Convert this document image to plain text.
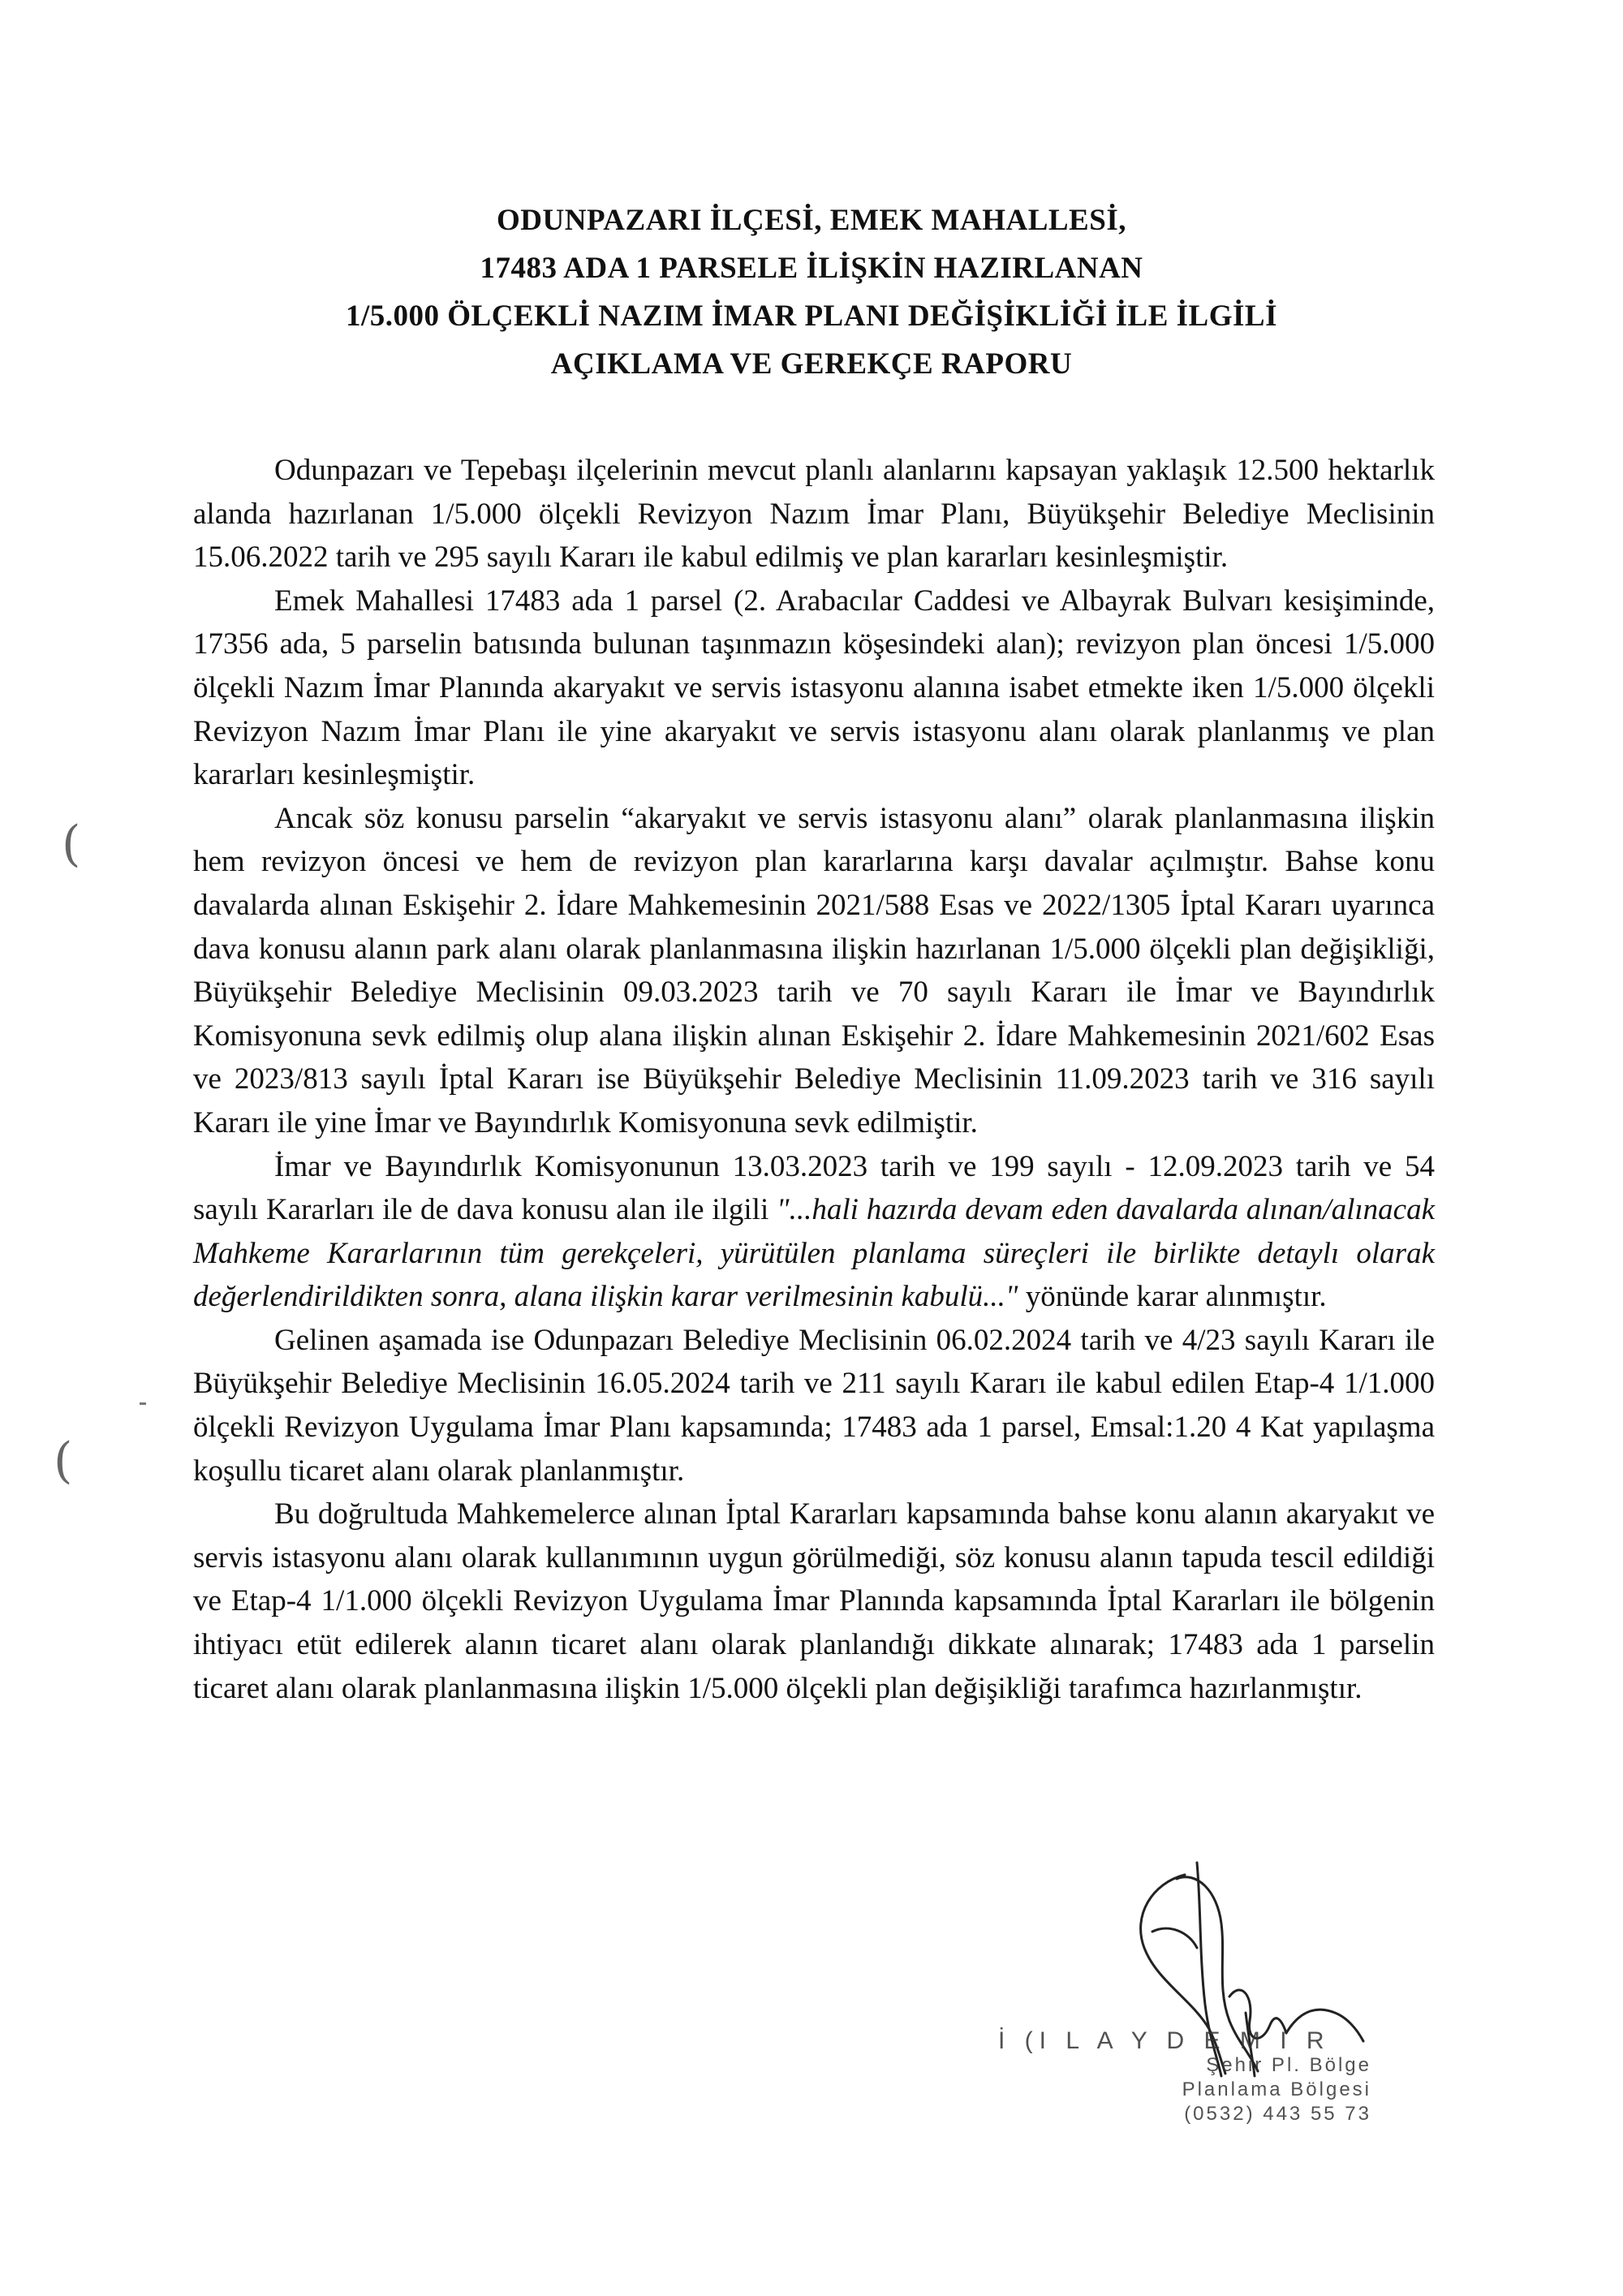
ODUNPAZARI İLÇESİ, EMEK MAHALLESİ,
17483 ADA 1 PARSELE İLİŞKİN HAZIRLANAN
1/5.000 ÖLÇEKLİ NAZIM İMAR PLANI DEĞİŞİKLİĞİ İLE İLGİLİ
AÇIKLAMA VE GEREKÇE RAPORU

Odunpazarı ve Tepebaşı ilçelerinin mevcut planlı alanlarını kapsayan yaklaşık 12.500 hektarlık alanda hazırlanan 1/5.000 ölçekli Revizyon Nazım İmar Planı, Büyükşehir Belediye Meclisinin 15.06.2022 tarih ve 295 sayılı Kararı ile kabul edilmiş ve plan kararları kesinleşmiştir.

Emek Mahallesi 17483 ada 1 parsel (2. Arabacılar Caddesi ve Albayrak Bulvarı kesişiminde, 17356 ada, 5 parselin batısında bulunan taşınmazın köşesindeki alan); revizyon plan öncesi 1/5.000 ölçekli Nazım İmar Planında akaryakıt ve servis istasyonu alanına isabet etmekte iken 1/5.000 ölçekli Revizyon Nazım İmar Planı ile yine akaryakıt ve servis istasyonu alanı olarak planlanmış ve plan kararları kesinleşmiştir.

Ancak söz konusu parselin “akaryakıt ve servis istasyonu alanı” olarak planlanmasına ilişkin hem revizyon öncesi ve hem de revizyon plan kararlarına karşı davalar açılmıştır. Bahse konu davalarda alınan Eskişehir 2. İdare Mahkemesinin 2021/588 Esas ve 2022/1305 İptal Kararı uyarınca dava konusu alanın park alanı olarak planlanmasına ilişkin hazırlanan 1/5.000 ölçekli plan değişikliği, Büyükşehir Belediye Meclisinin 09.03.2023 tarih ve 70 sayılı Kararı ile İmar ve Bayındırlık Komisyonuna sevk edilmiş olup alana ilişkin alınan Eskişehir 2. İdare Mahkemesinin 2021/602 Esas ve 2023/813 sayılı İptal Kararı ise Büyükşehir Belediye Meclisinin 11.09.2023 tarih ve 316 sayılı Kararı ile yine İmar ve Bayındırlık Komisyonuna sevk edilmiştir.

İmar ve Bayındırlık Komisyonunun 13.03.2023 tarih ve 199 sayılı - 12.09.2023 tarih ve 54 sayılı Kararları ile de dava konusu alan ile ilgili "...hali hazırda devam eden davalarda alınan/alınacak Mahkeme Kararlarının tüm gerekçeleri, yürütülen planlama süreçleri ile birlikte detaylı olarak değerlendirildikten sonra, alana ilişkin karar verilmesinin kabulü..." yönünde karar alınmıştır.

Gelinen aşamada ise Odunpazarı Belediye Meclisinin 06.02.2024 tarih ve 4/23 sayılı Kararı ile Büyükşehir Belediye Meclisinin 16.05.2024 tarih ve 211 sayılı Kararı ile kabul edilen Etap-4 1/1.000 ölçekli Revizyon Uygulama İmar Planı kapsamında; 17483 ada 1 parsel, Emsal:1.20 4 Kat yapılaşma koşullu ticaret alanı olarak planlanmıştır.

Bu doğrultuda Mahkemelerce alınan İptal Kararları kapsamında bahse konu alanın akaryakıt ve servis istasyonu alanı olarak kullanımının uygun görülmediği, söz konusu alanın tapuda tescil edildiği ve Etap-4 1/1.000 ölçekli Revizyon Uygulama İmar Planında kapsamında İptal Kararları ile bölgenin ihtiyacı etüt edilerek alanın ticaret alanı olarak planlandığı dikkate alınarak; 17483 ada 1 parselin ticaret alanı olarak planlanmasına ilişkin 1/5.000 ölçekli plan değişikliği tarafımca hazırlanmıştır.

(
(
İ (I L A Y D E M I R
Şehir Pl. Bölge
Planlama Bölgesi
(0532) 443 55 73
